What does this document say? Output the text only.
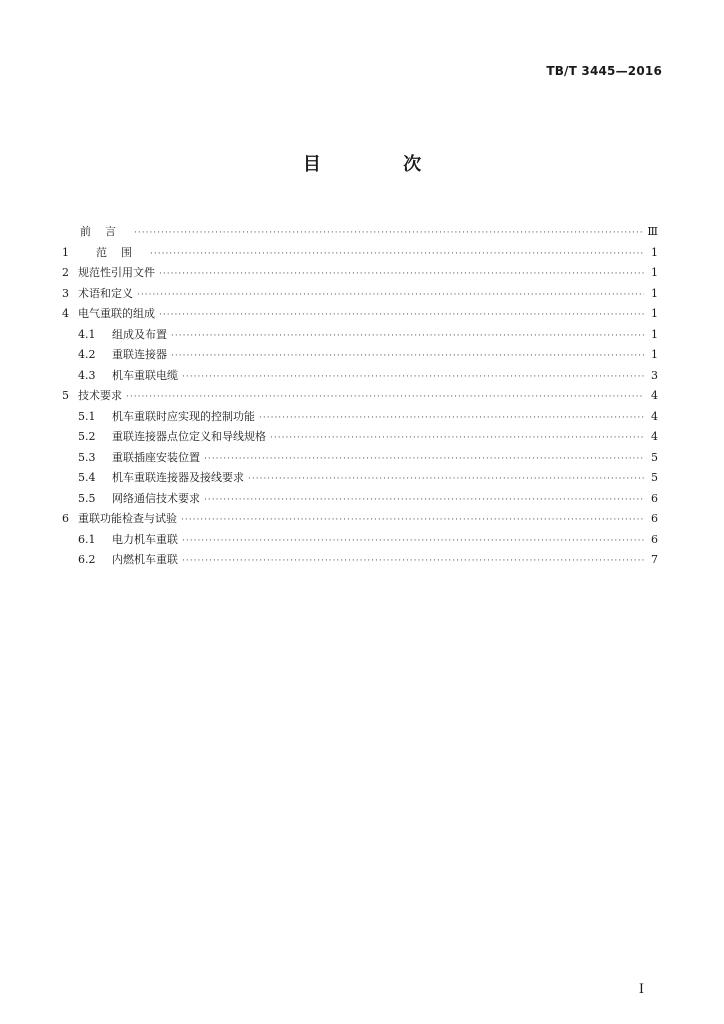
TB/T 3445—2016
目 次
前言 ·····	Ⅲ
1	范围 ·····	1
2 规范性引用文件 ·····	1
3 术语和定义 ·····	1
4 电气重联的组成 ·····	1
4.1	组成及布置 ·····	1
4.2	重联连接器 ·····	1
4.3	机车重联电缆 ·····	3
5 技术要求 ·····	4
5.1	机车重联时应实现的控制功能 ·····	4
5.2	重联连接器点位定义和导线规格 ·····	4
5.3	重联插座安装位置 ·····	5
5.4	机车重联连接器及接线要求 ·····	5
5.5	网络通信技术要求 ·····	6
6 重联功能检查与试验 ·····	6
6.1	电力机车重联 ·····	6
6.2	内燃机车重联 ·····	7
Ⅰ
